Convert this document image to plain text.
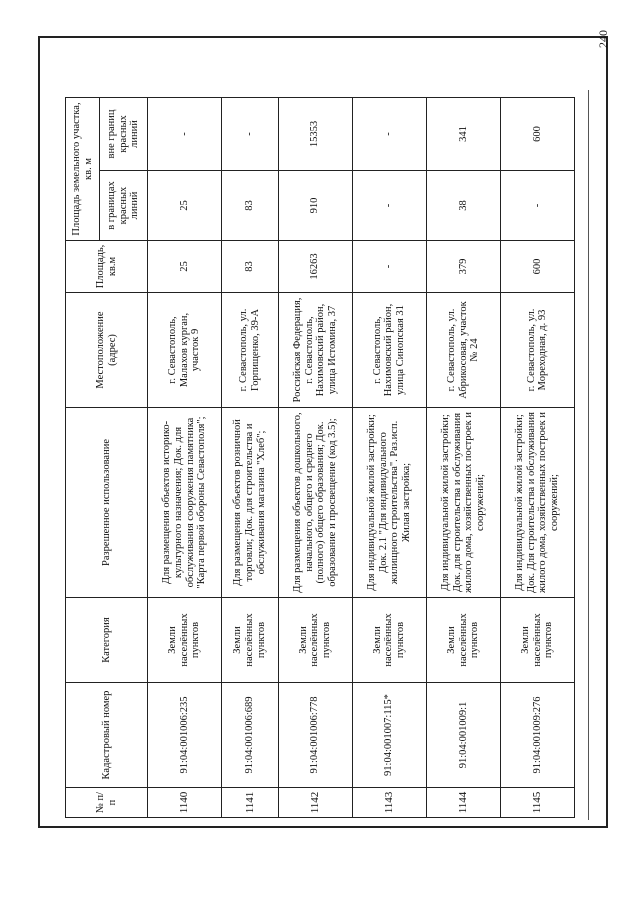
240
№ п/п	Кадастровый номер	Категория	Разрешенное использование	Местоположение (адрес)	Площадь, кв.м	Площадь земельного участка, кв. м	
						в границах красных линий	вне границ красных линий
1140	91:04:001006:235	Земли населённых пунктов	Для размещения объектов историко-культурного назначения; Док. для обслуживания сооружения памятника "Карта первой обороны Севастополя";	г. Севастополь, Малахов курган, участок 9	25	25	-
1141	91:04:001006:689	Земли населённых пунктов	Для размещения объектов розничной торговли; Док. для строительства и обслуживания магазина "Хлеб";	г. Севастополь, ул. Горпищенко, 39-А	83	83	-
1142	91:04:001006:778	Земли населённых пунктов	Для размещения объектов дошкольного, начального, общего и среднего (полного) общего образования; Док. образование и просвещение (код 3.5);	Российская Федерация, г. Севастополь, Нахимовский район, улица Истомина, 37	16263	910	15353
1143	91:04:001007:115*	Земли населённых пунктов	Для индивидуальной жилой застройки; Док. 2.1 "Для индивидуального жилищного строительства". Раз.исп. Жилая застройка;	г. Севастополь, Нахимовский район, улица Синопская 31	-	-	-
1144	91:04:001009:1	Земли населённых пунктов	Для индивидуальной жилой застройки; Док. для строительства и обслуживания жилого дома, хозяйственных построек и сооружений;	г. Севастополь, ул. Абрикосовая, участок № 24	379	38	341
1145	91:04:001009:276	Земли населённых пунктов	Для индивидуальной жилой застройки; Док. Для строительства и обслуживания жилого дома, хозяйственных построек и сооружений;	г. Севастополь, ул. Мореходная, д. 93	600	-	600
